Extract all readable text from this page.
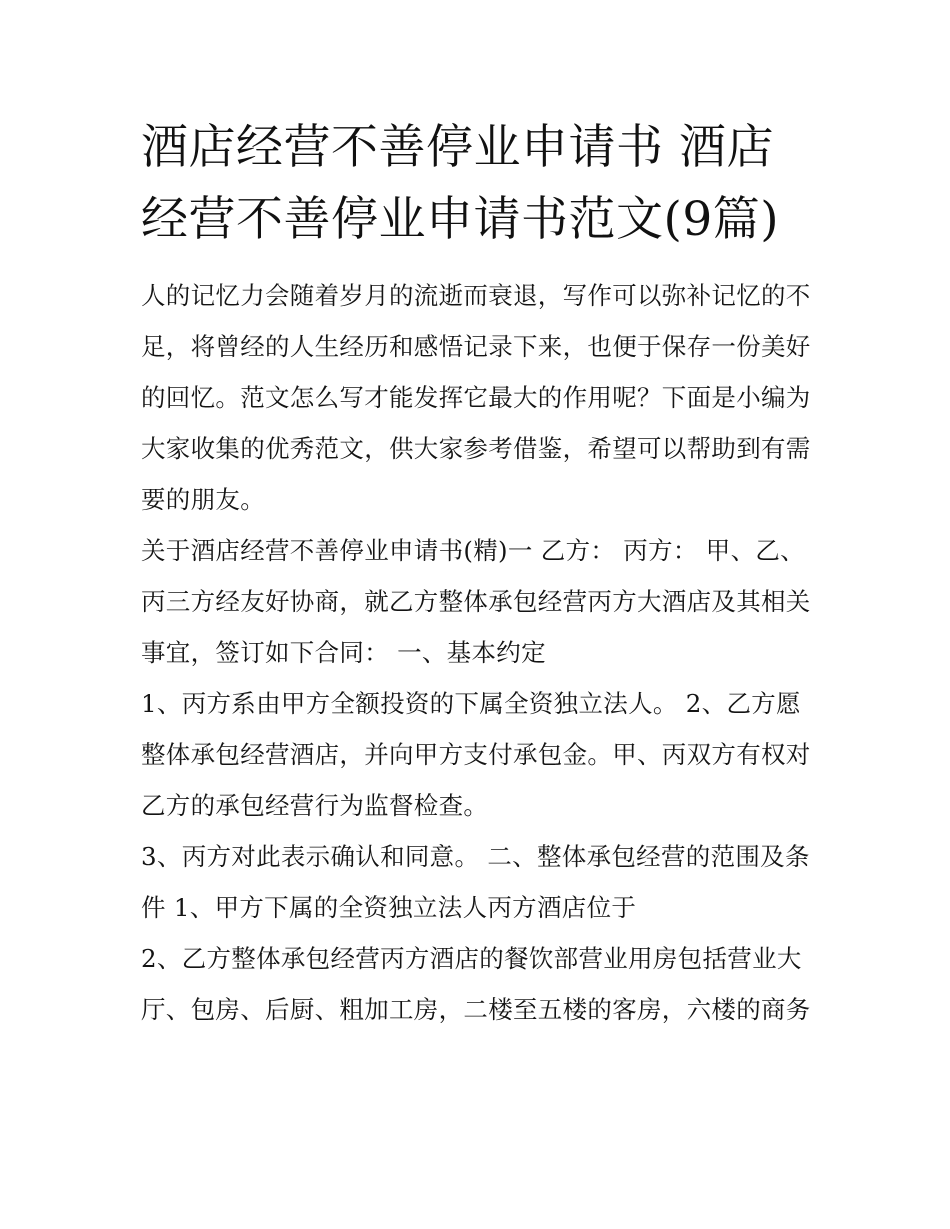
酒店经营不善停业申请书 酒店经营不善停业申请书范文(9篇)

人的记忆力会随着岁月的流逝而衰退，写作可以弥补记忆的不足，将曾经的人生经历和感悟记录下来，也便于保存一份美好的回忆。范文怎么写才能发挥它最大的作用呢？下面是小编为大家收集的优秀范文，供大家参考借鉴，希望可以帮助到有需要的朋友。

关于酒店经营不善停业申请书(精)一 乙方： 丙方： 甲、乙、丙三方经友好协商，就乙方整体承包经营丙方大酒店及其相关事宜，签订如下合同： 一、基本约定

1、丙方系由甲方全额投资的下属全资独立法人。 2、乙方愿整体承包经营酒店，并向甲方支付承包金。甲、丙双方有权对乙方的承包经营行为监督检查。

3、丙方对此表示确认和同意。 二、整体承包经营的范围及条件 1、甲方下属的全资独立法人丙方酒店位于

2、乙方整体承包经营丙方酒店的餐饮部营业用房包括营业大厅、包房、后厨、粗加工房，二楼至五楼的客房，六楼的商务
